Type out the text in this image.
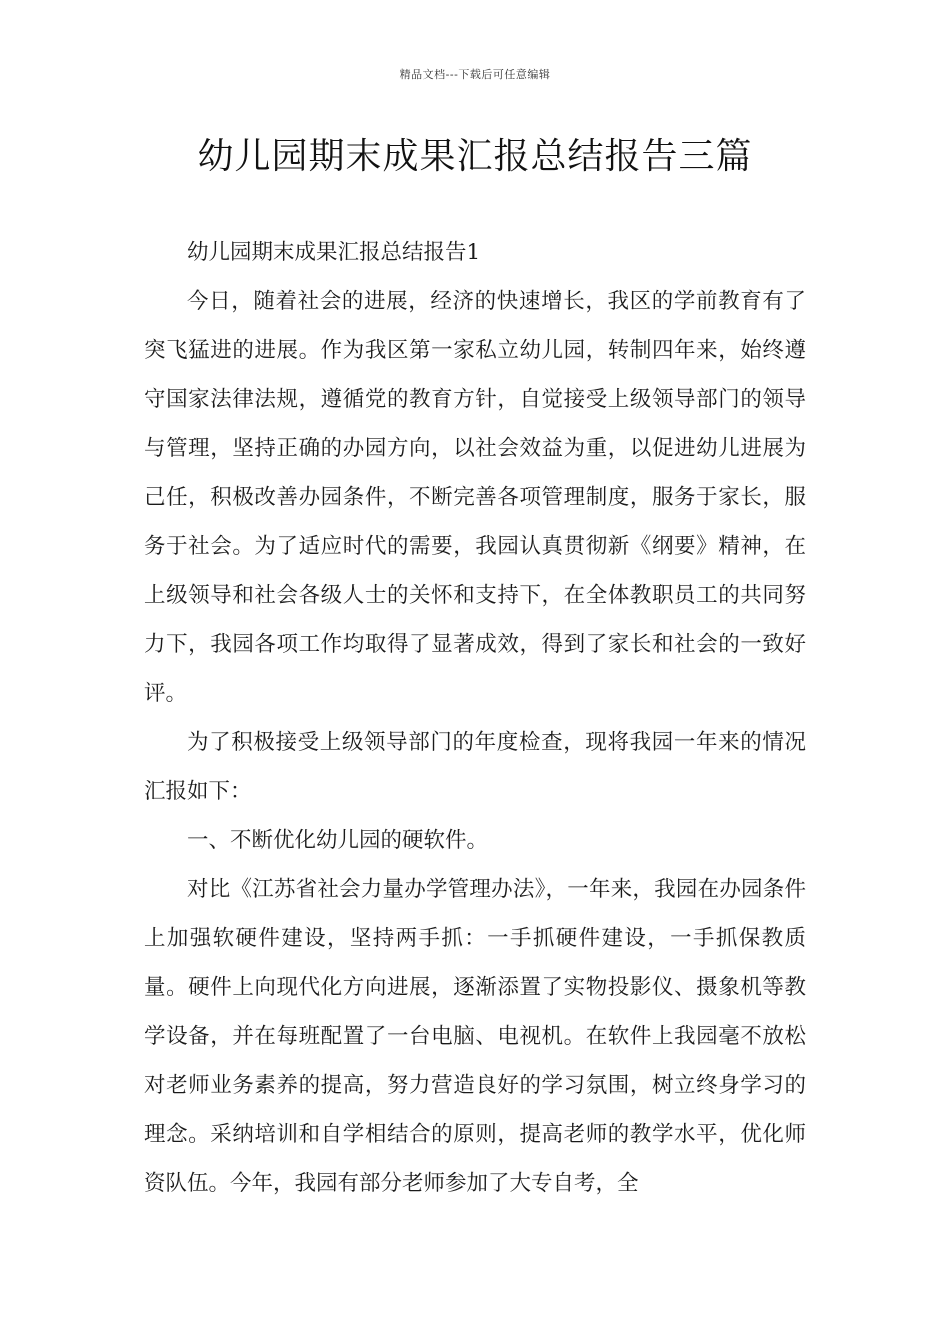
精品文档---下载后可任意编辑
幼儿园期末成果汇报总结报告三篇

幼儿园期末成果汇报总结报告1

今日，随着社会的进展，经济的快速增长，我区的学前教育有了突飞猛进的进展。作为我区第一家私立幼儿园，转制四年来，始终遵守国家法律法规，遵循党的教育方针，自觉接受上级领导部门的领导与管理，坚持正确的办园方向，以社会效益为重，以促进幼儿进展为己任，积极改善办园条件，不断完善各项管理制度，服务于家长，服务于社会。为了适应时代的需要，我园认真贯彻新《纲要》精神，在上级领导和社会各级人士的关怀和支持下，在全体教职员工的共同努力下，我园各项工作均取得了显著成效，得到了家长和社会的一致好评。

为了积极接受上级领导部门的年度检查，现将我园一年来的情况汇报如下：

一、不断优化幼儿园的硬软件。

对比《江苏省社会力量办学管理办法》，一年来，我园在办园条件上加强软硬件建设，坚持两手抓：一手抓硬件建设，一手抓保教质量。硬件上向现代化方向进展，逐渐添置了实物投影仪、摄象机等教学设备，并在每班配置了一台电脑、电视机。在软件上我园毫不放松对老师业务素养的提高，努力营造良好的学习氛围，树立终身学习的理念。采纳培训和自学相结合的原则，提高老师的教学水平，优化师资队伍。今年，我园有部分老师参加了大专自考，全
